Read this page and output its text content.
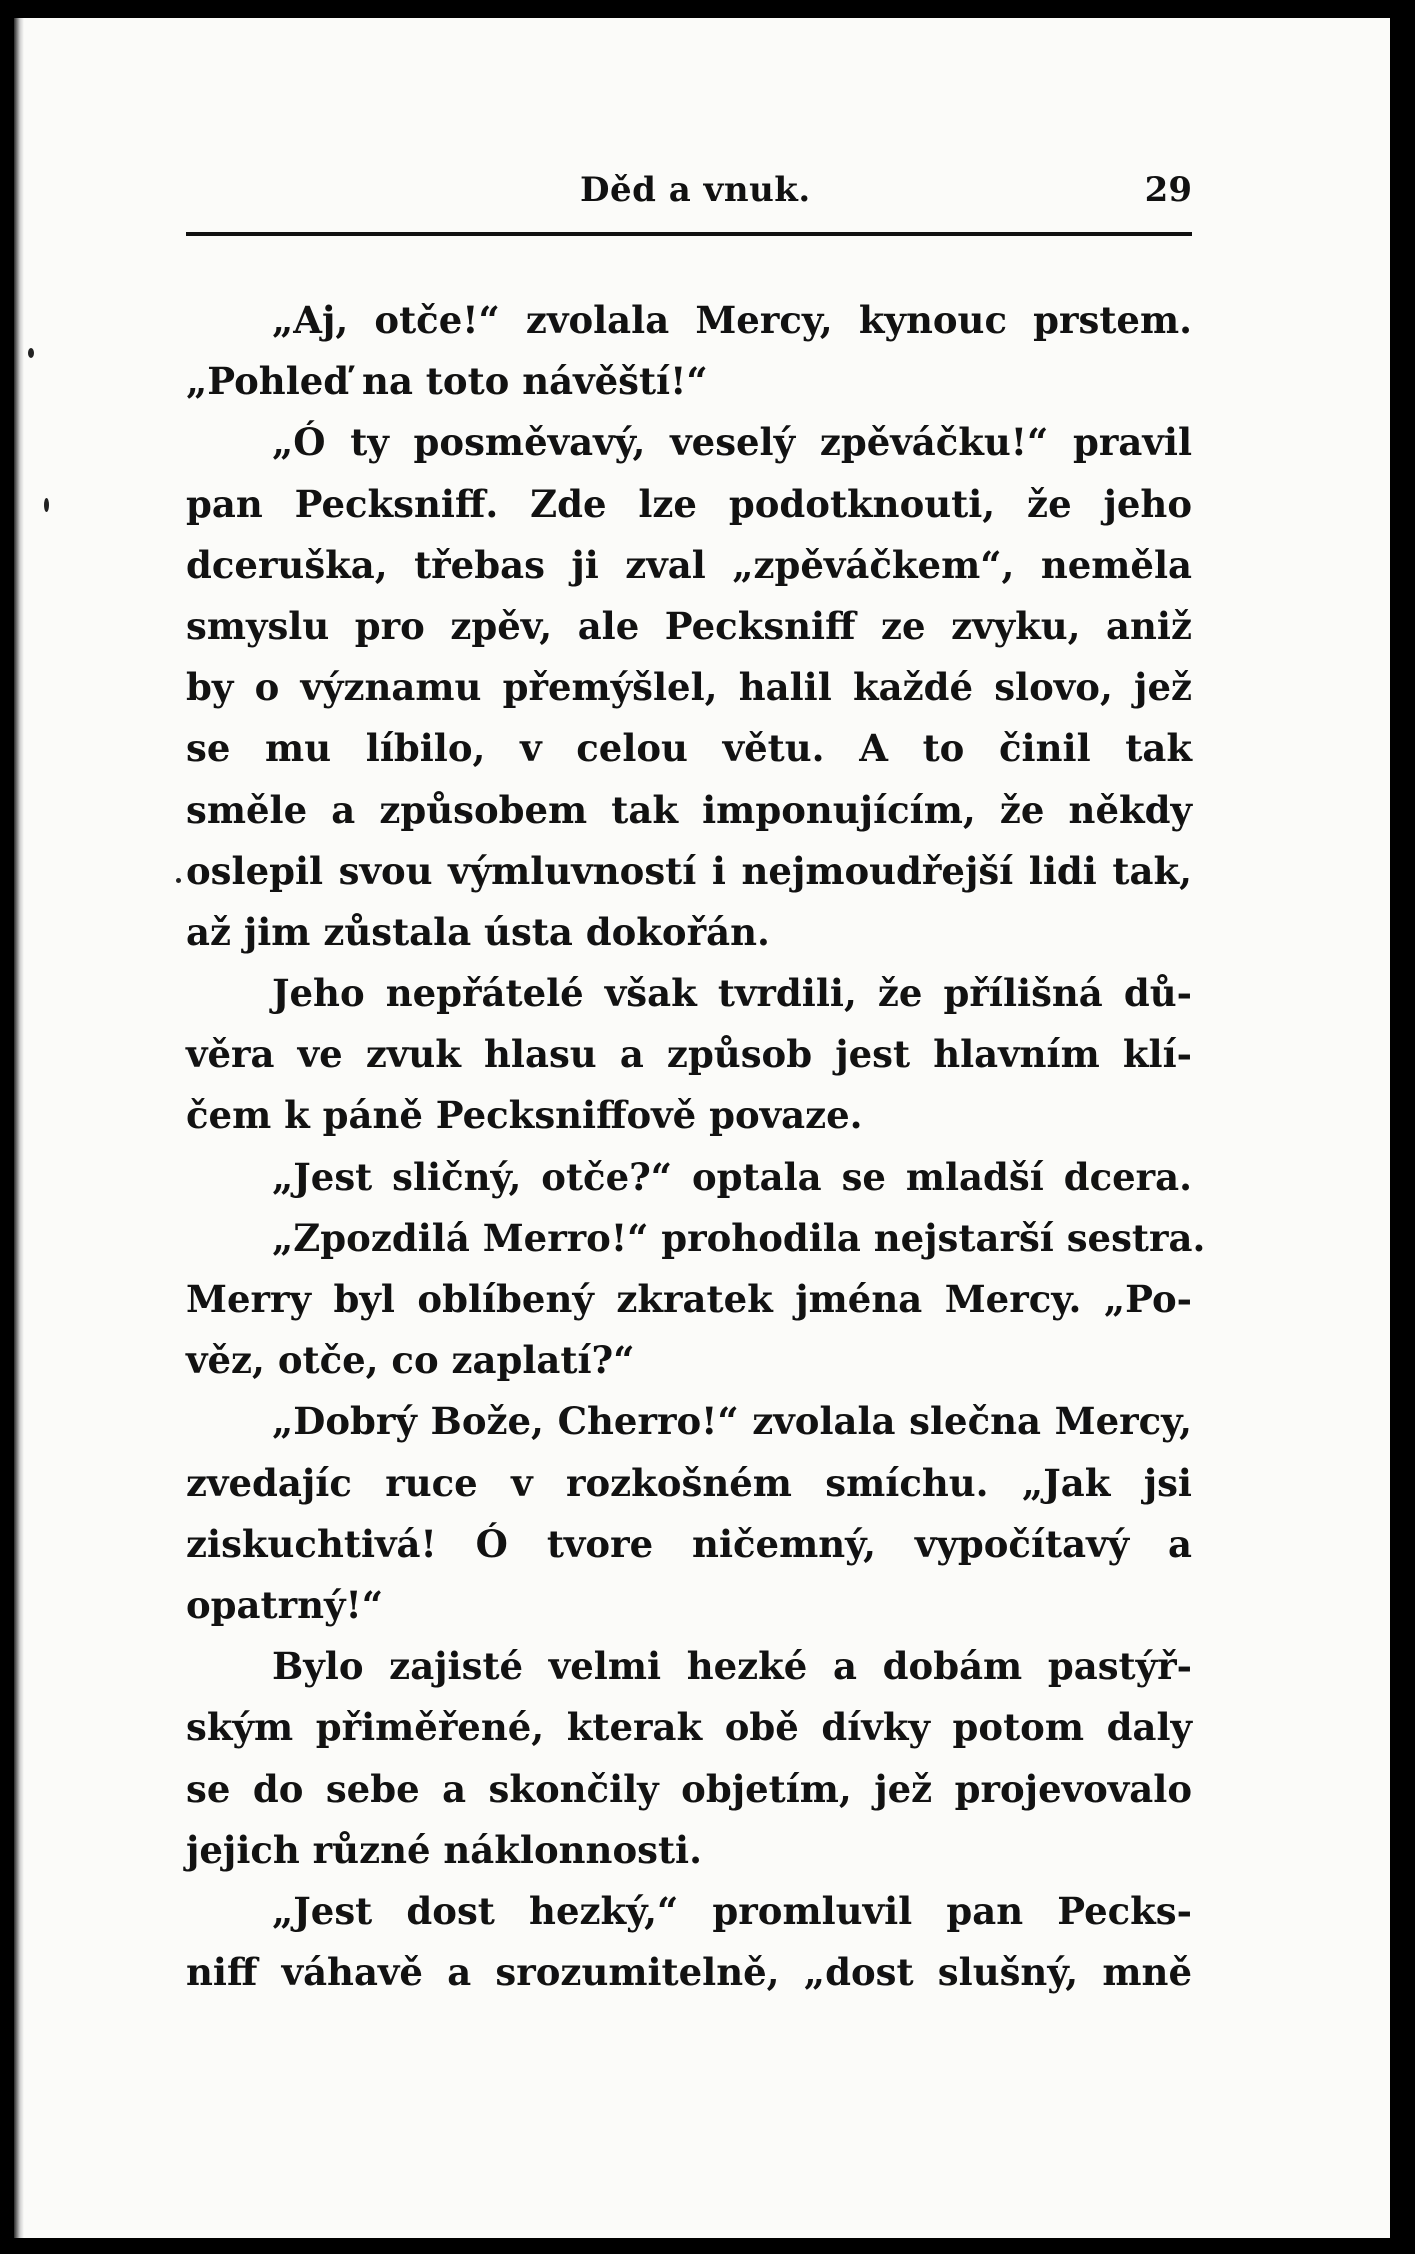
Děd a vnuk.	29
„Aj, otče!“ zvolala Mercy, kynouc prstem.
„Pohleď na toto návěští!“
„Ó ty posměvavý, veselý zpěváčku!“ pravil
pan Pecksniff. Zde lze podotknouti, že jeho
dceruška, třebas ji zval „zpěváčkem“, neměla
smyslu pro zpěv, ale Pecksniff ze zvyku, aniž
by o významu přemýšlel, halil každé slovo, jež
se mu líbilo, v celou větu. A to činil tak
směle a způsobem tak imponujícím, že někdy
oslepil svou výmluvností i nejmoudřejší lidi tak,
až jim zůstala ústa dokořán.
Jeho nepřátelé však tvrdili, že přílišná dů-
věra ve zvuk hlasu a způsob jest hlavním klí-
čem k páně Pecksniffově povaze.
„Jest sličný, otče?“ optala se mladší dcera.
„Zpozdilá Merro!“ prohodila nejstarší sestra.
Merry byl oblíbený zkratek jména Mercy. „Po-
věz, otče, co zaplatí?“
„Dobrý Bože, Cherro!“ zvolala slečna Mercy,
zvedajíc ruce v rozkošném smíchu. „Jak jsi
ziskuchtivá! Ó tvore ničemný, vypočítavý a
opatrný!“
Bylo zajisté velmi hezké a dobám pastýř-
ským přiměřené, kterak obě dívky potom daly
se do sebe a skončily objetím, jež projevovalo
jejich různé náklonnosti.
„Jest dost hezký,“ promluvil pan Pecks-
niff váhavě a srozumitelně, „dost slušný, mně
